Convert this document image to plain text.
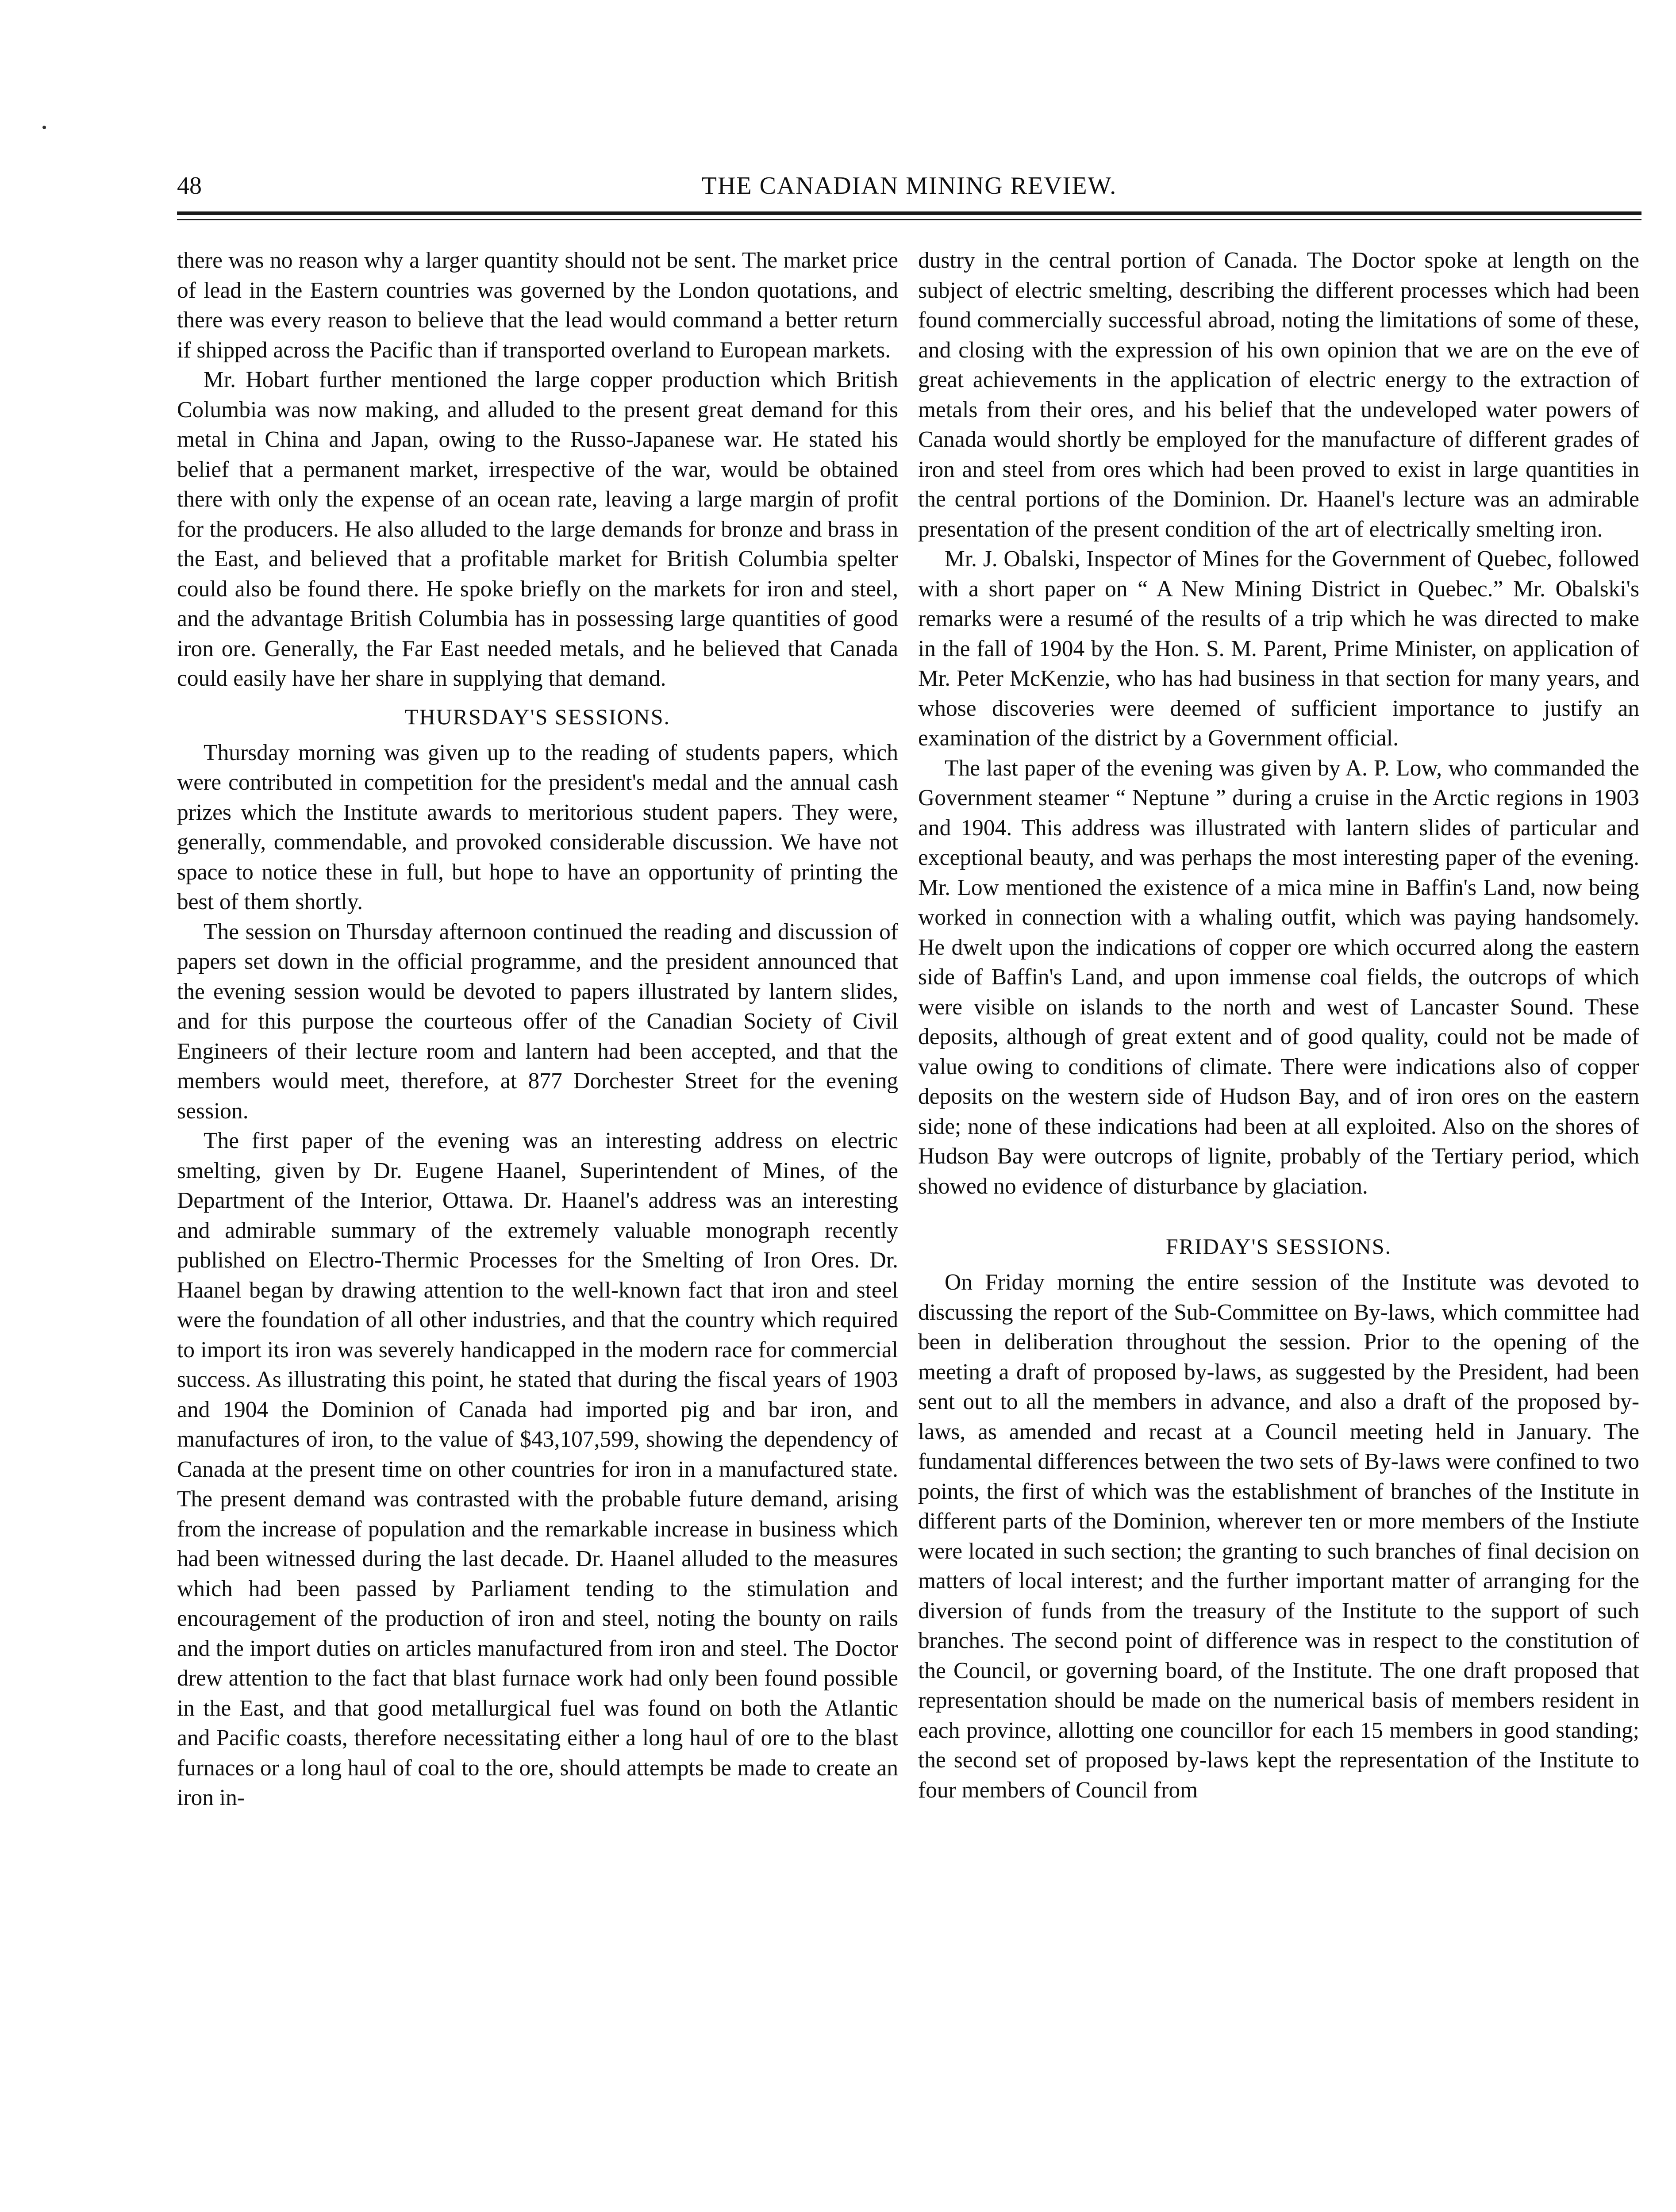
48	THE CANADIAN MINING REVIEW.

there was no reason why a larger quantity should not be sent. The market price of lead in the Eastern countries was governed by the London quotations, and there was every reason to believe that the lead would command a better return if shipped across the Pacific than if transported overland to European markets.

Mr. Hobart further mentioned the large copper production which British Columbia was now making, and alluded to the present great demand for this metal in China and Japan, owing to the Russo-Japanese war. He stated his belief that a permanent market, irrespective of the war, would be obtained there with only the expense of an ocean rate, leaving a large margin of profit for the producers. He also alluded to the large demands for bronze and brass in the East, and believed that a profitable market for British Columbia spelter could also be found there. He spoke briefly on the markets for iron and steel, and the advantage British Columbia has in possessing large quantities of good iron ore. Generally, the Far East needed metals, and he believed that Canada could easily have her share in supplying that demand.

THURSDAY'S SESSIONS.

Thursday morning was given up to the reading of students papers, which were contributed in competition for the president's medal and the annual cash prizes which the Institute awards to meritorious student papers. They were, generally, commendable, and provoked considerable discussion. We have not space to notice these in full, but hope to have an opportunity of printing the best of them shortly.

The session on Thursday afternoon continued the reading and discussion of papers set down in the official programme, and the president announced that the evening session would be devoted to papers illustrated by lantern slides, and for this purpose the courteous offer of the Canadian Society of Civil Engineers of their lecture room and lantern had been accepted, and that the members would meet, therefore, at 877 Dorchester Street for the evening session.

The first paper of the evening was an interesting address on electric smelting, given by Dr. Eugene Haanel, Superintendent of Mines, of the Department of the Interior, Ottawa. Dr. Haanel's address was an interesting and admirable summary of the extremely valuable monograph recently published on Electro-Thermic Processes for the Smelting of Iron Ores. Dr. Haanel began by drawing attention to the well-known fact that iron and steel were the foundation of all other industries, and that the country which required to import its iron was severely handicapped in the modern race for commercial success. As illustrating this point, he stated that during the fiscal years of 1903 and 1904 the Dominion of Canada had imported pig and bar iron, and manufactures of iron, to the value of $43,107,599, showing the dependency of Canada at the present time on other countries for iron in a manufactured state. The present demand was contrasted with the probable future demand, arising from the increase of population and the remarkable increase in business which had been witnessed during the last decade. Dr. Haanel alluded to the measures which had been passed by Parliament tending to the stimulation and encouragement of the production of iron and steel, noting the bounty on rails and the import duties on articles manufactured from iron and steel. The Doctor drew attention to the fact that blast furnace work had only been found possible in the East, and that good metallurgical fuel was found on both the Atlantic and Pacific coasts, therefore necessitating either a long haul of ore to the blast furnaces or a long haul of coal to the ore, should attempts be made to create an iron in-

dustry in the central portion of Canada. The Doctor spoke at length on the subject of electric smelting, describing the different processes which had been found commercially successful abroad, noting the limitations of some of these, and closing with the expression of his own opinion that we are on the eve of great achievements in the application of electric energy to the extraction of metals from their ores, and his belief that the undeveloped water powers of Canada would shortly be employed for the manufacture of different grades of iron and steel from ores which had been proved to exist in large quantities in the central portions of the Dominion. Dr. Haanel's lecture was an admirable presentation of the present condition of the art of electrically smelting iron.

Mr. J. Obalski, Inspector of Mines for the Government of Quebec, followed with a short paper on “ A New Mining District in Quebec.” Mr. Obalski's remarks were a resumé of the results of a trip which he was directed to make in the fall of 1904 by the Hon. S. M. Parent, Prime Minister, on application of Mr. Peter McKenzie, who has had business in that section for many years, and whose discoveries were deemed of sufficient importance to justify an examination of the district by a Government official.

The last paper of the evening was given by A. P. Low, who commanded the Government steamer “ Neptune ” during a cruise in the Arctic regions in 1903 and 1904. This address was illustrated with lantern slides of particular and exceptional beauty, and was perhaps the most interesting paper of the evening. Mr. Low mentioned the existence of a mica mine in Baffin's Land, now being worked in connection with a whaling outfit, which was paying handsomely. He dwelt upon the indications of copper ore which occurred along the eastern side of Baffin's Land, and upon immense coal fields, the outcrops of which were visible on islands to the north and west of Lancaster Sound. These deposits, although of great extent and of good quality, could not be made of value owing to conditions of climate. There were indications also of copper deposits on the western side of Hudson Bay, and of iron ores on the eastern side; none of these indications had been at all exploited. Also on the shores of Hudson Bay were outcrops of lignite, probably of the Tertiary period, which showed no evidence of disturbance by glaciation.

FRIDAY'S SESSIONS.

On Friday morning the entire session of the Institute was devoted to discussing the report of the Sub-Committee on By-laws, which committee had been in deliberation throughout the session. Prior to the opening of the meeting a draft of proposed by-laws, as suggested by the President, had been sent out to all the members in advance, and also a draft of the proposed by-laws, as amended and recast at a Council meeting held in January. The fundamental differences between the two sets of By-laws were confined to two points, the first of which was the establishment of branches of the Institute in different parts of the Dominion, wherever ten or more members of the Instiute were located in such section; the granting to such branches of final decision on matters of local interest; and the further important matter of arranging for the diversion of funds from the treasury of the Institute to the support of such branches. The second point of difference was in respect to the constitution of the Council, or governing board, of the Institute. The one draft proposed that representation should be made on the numerical basis of members resident in each province, allotting one councillor for each 15 members in good standing; the second set of proposed by-laws kept the representation of the Institute to four members of Council from
